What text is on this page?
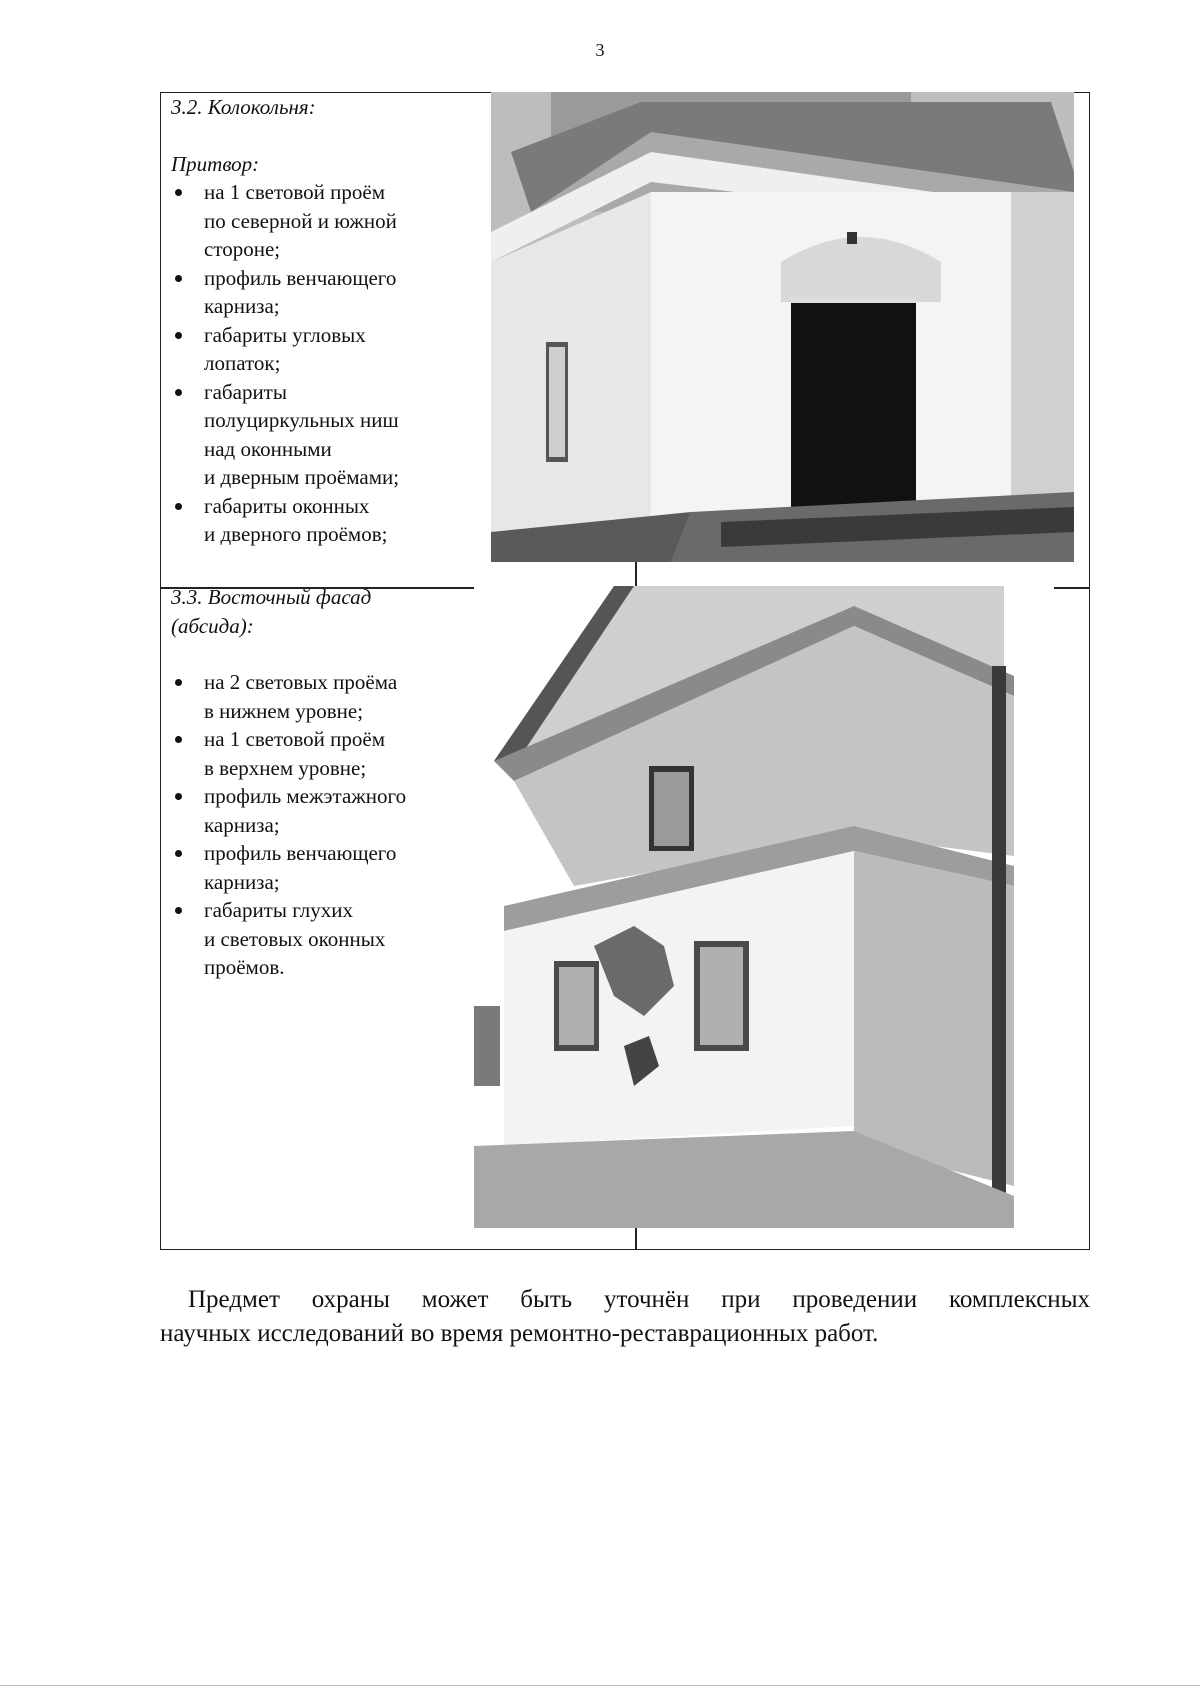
3

3.2. Колокольня:

Притвор:

на 1 световой проём
по северной и южной
стороне;
профиль венчающего
карниза;
габариты угловых
лопаток;
габариты
полуциркульных ниш
над оконными
и дверным проёмами;
габариты оконных
и дверного проёмов;

3.3. Восточный фасад
(абсида):

на 2 световых проёма
в нижнем уровне;
на 1 световой проём
в верхнем уровне;
профиль межэтажного
карниза;
профиль венчающего
карниза;
габариты глухих
и световых оконных
проёмов.
Предмет охраны может быть уточнён при проведении комплексных
научных исследований во время ремонтно-реставрационных работ.
